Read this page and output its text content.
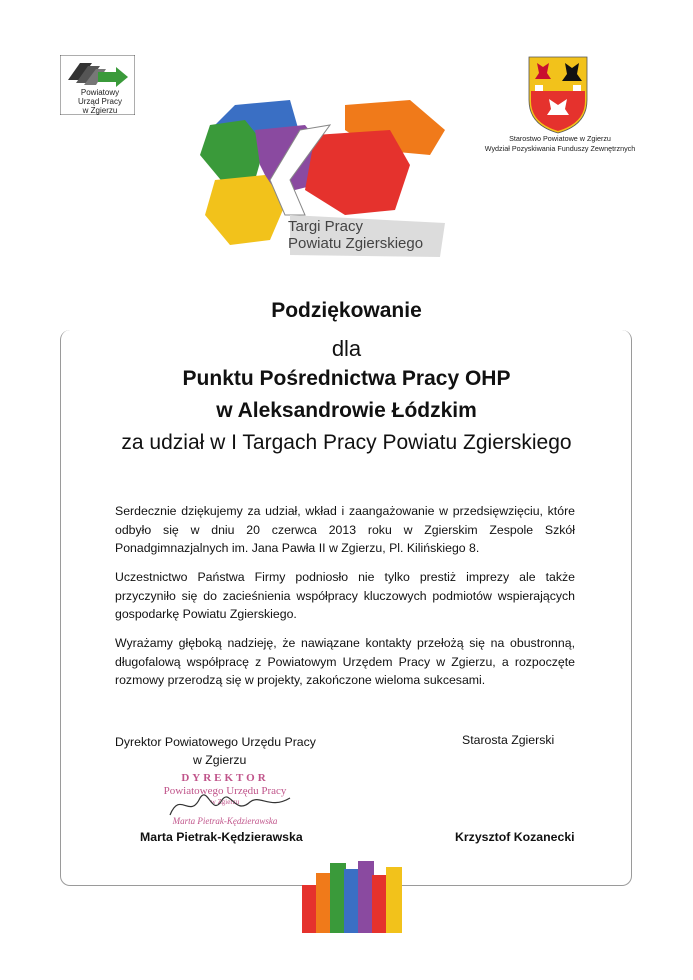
Powiatowy
Urząd Pracy
w Zgierzu
Starostwo Powiatowe w Zgierzu
Wydział Pozyskiwania Funduszy Zewnętrznych
Targi Pracy
Powiatu Zgierskiego
Podziękowanie
dla
Punktu Pośrednictwa Pracy OHP
w Aleksandrowie Łódzkim
za udział w I Targach Pracy Powiatu Zgierskiego
Serdecznie dziękujemy za udział, wkład i zaangażowanie w przedsięwzięciu, które odbyło się w dniu 20 czerwca 2013 roku w Zgierskim Zespole Szkół Ponadgimnazjalnych im. Jana Pawła II w Zgierzu, Pl. Kilińskiego 8.
Uczestnictwo Państwa Firmy podniosło nie tylko prestiż imprezy ale także przyczyniło się do zacieśnienia współpracy kluczowych podmiotów wspierających gospodarkę Powiatu Zgierskiego.
Wyrażamy głęboką nadzieję, że nawiązane kontakty przełożą się na obustronną, długofalową współpracę z Powiatowym Urzędem Pracy w Zgierzu, a rozpoczęte rozmowy przerodzą się w projekty, zakończone wieloma sukcesami.
Dyrektor Powiatowego Urzędu Pracy
w Zgierzu
Starosta Zgierski
DYREKTOR
Powiatowego Urzędu Pracy
w Zgierzu
Marta Pietrak-Kędzierawska
Marta Pietrak-Kędzierawska	Krzysztof Kozanecki
